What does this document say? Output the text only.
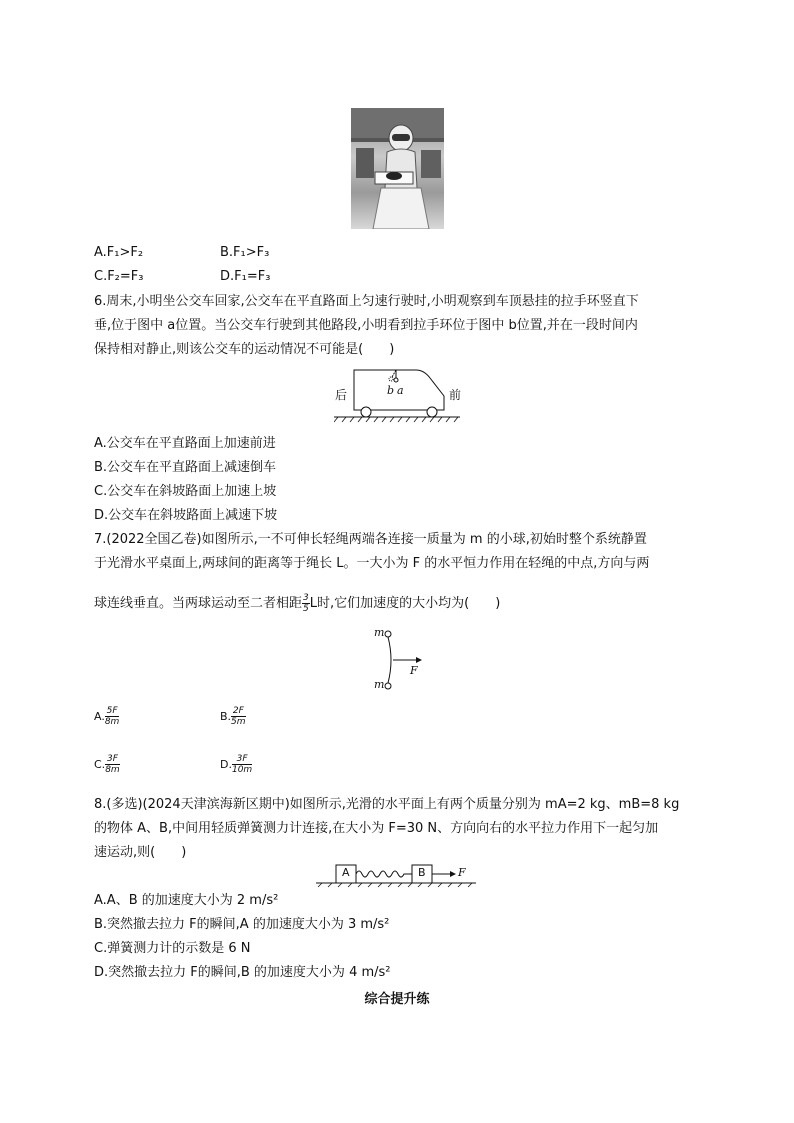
A.F₁>F₂	B.F₁>F₃
C.F₂=F₃	D.F₁=F₃
6.周末,小明坐公交车回家,公交车在平直路面上匀速行驶时,小明观察到车顶悬挂的拉手环竖直下
垂,位于图中 a位置。当公交车行驶到其他路段,小明看到拉手环位于图中 b位置,并在一段时间内
保持相对静止,则该公交车的运动情况不可能是(　　)
后	前
b a
A.公交车在平直路面上加速前进
B.公交车在平直路面上减速倒车
C.公交车在斜坡路面上加速上坡
D.公交车在斜坡路面上减速下坡
7.(2022全国乙卷)如图所示,一不可伸长轻绳两端各连接一质量为 m 的小球,初始时整个系统静置
于光滑水平桌面上,两球间的距离等于绳长 L。一大小为 F 的水平恒力作用在轻绳的中点,方向与两
球连线垂直。当两球运动至二者相距 $\frac{3}{5}$ L时,它们加速度的大小均为(　　)
m
m
F
A. $\frac{5F}{8m}$	B. $\frac{2F}{5m}$
C. $\frac{3F}{8m}$	D. $\frac{3F}{10m}$
8.(多选)(2024天津滨海新区期中)如图所示,光滑的水平面上有两个质量分别为 mA=2 kg、mB=8 kg
的物体 A、B,中间用轻质弹簧测力计连接,在大小为 F=30 N、方向向右的水平拉力作用下一起匀加
速运动,则(　　)
A	B	F
A.A、B 的加速度大小为 2 m/s²
B.突然撤去拉力 F的瞬间,A 的加速度大小为 3 m/s²
C.弹簧测力计的示数是 6 N
D.突然撤去拉力 F的瞬间,B 的加速度大小为 4 m/s²
综合提升练
